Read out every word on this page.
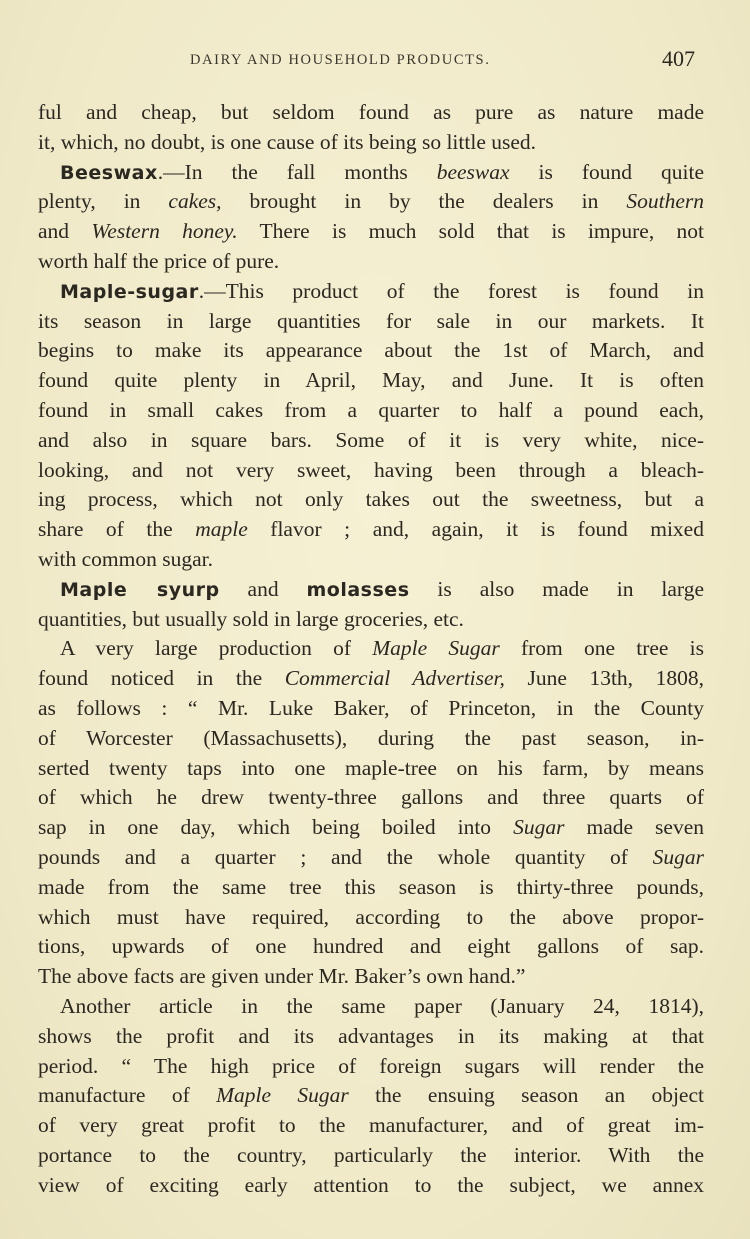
DAIRY AND HOUSEHOLD PRODUCTS.	407
ful and cheap, but seldom found as pure as nature made
it, which, no doubt, is one cause of its being so little used.
Beeswax.—In the fall months beeswax is found quite
plenty, in cakes, brought in by the dealers in Southern
and Western honey. There is much sold that is impure, not
worth half the price of pure.
Maple-sugar.—This product of the forest is found in
its season in large quantities for sale in our markets. It
begins to make its appearance about the 1st of March, and
found quite plenty in April, May, and June. It is often
found in small cakes from a quarter to half a pound each,
and also in square bars. Some of it is very white, nice-
looking, and not very sweet, having been through a bleach-
ing process, which not only takes out the sweetness, but a
share of the maple flavor ; and, again, it is found mixed
with common sugar.
Maple syurp and molasses is also made in large
quantities, but usually sold in large groceries, etc.
A very large production of Maple Sugar from one tree is
found noticed in the Commercial Advertiser, June 13th, 1808,
as follows : “ Mr. Luke Baker, of Princeton, in the County
of Worcester (Massachusetts), during the past season, in-
serted twenty taps into one maple-tree on his farm, by means
of which he drew twenty-three gallons and three quarts of
sap in one day, which being boiled into Sugar made seven
pounds and a quarter ; and the whole quantity of Sugar
made from the same tree this season is thirty-three pounds,
which must have required, according to the above propor-
tions, upwards of one hundred and eight gallons of sap.
The above facts are given under Mr. Baker’s own hand.”
Another article in the same paper (January 24, 1814),
shows the profit and its advantages in its making at that
period. “ The high price of foreign sugars will render the
manufacture of Maple Sugar the ensuing season an object
of very great profit to the manufacturer, and of great im-
portance to the country, particularly the interior. With the
view of exciting early attention to the subject, we annex
